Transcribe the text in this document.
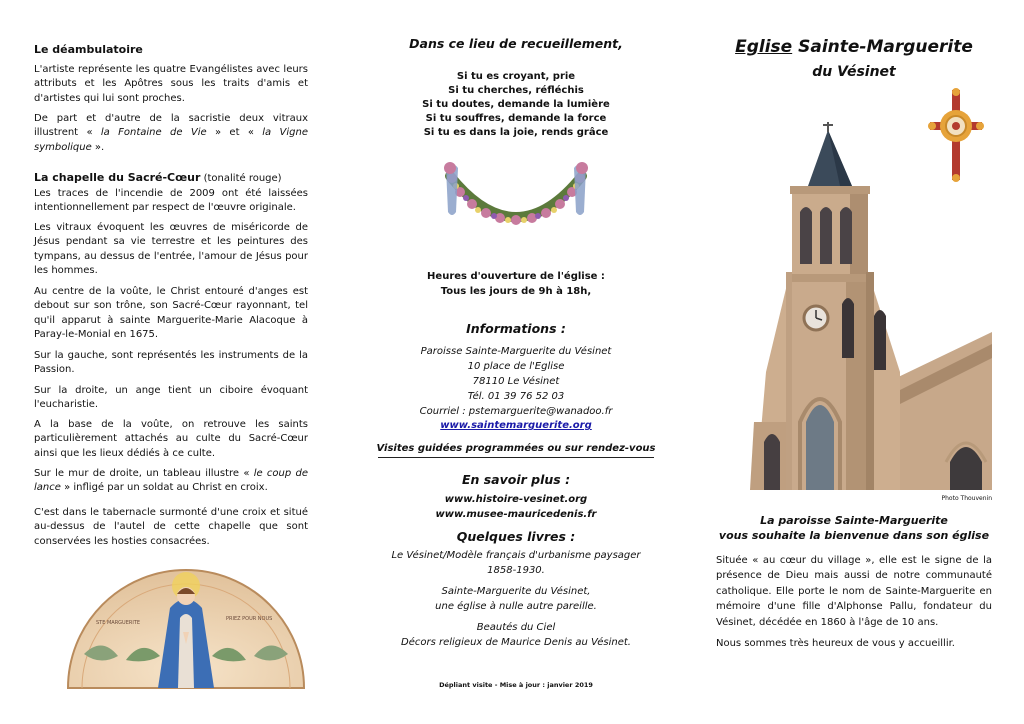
Le déambulatoire

L'artiste représente les quatre Evangélistes avec leurs attributs et les Apôtres sous les traits d'amis et d'artistes qui lui sont proches.

De part et d'autre de la sacristie deux vitraux illustrent « la Fontaine de Vie » et « la Vigne symbolique ».

La chapelle du Sacré-Cœur (tonalité rouge)

Les traces de l'incendie de 2009 ont été laissées intentionnellement par respect de l'œuvre originale.

Les vitraux évoquent les œuvres de miséricorde de Jésus pendant sa vie terrestre et les peintures des tympans, au dessus de l'entrée, l'amour de Jésus pour les hommes.

Au centre de la voûte, le Christ entouré d'anges est debout sur son trône, son Sacré-Cœur rayonnant, tel qu'il apparut à sainte Marguerite-Marie Alacoque à Paray-le-Monial en 1675.

Sur la gauche, sont représentés les instruments de la Passion.

Sur la droite, un ange tient un ciboire évoquant l'eucharistie.

A la base de la voûte, on retrouve les saints particulièrement attachés au culte du Sacré-Cœur ainsi que les lieux dédiés à ce culte.

Sur le mur de droite, un tableau illustre « le coup de lance » infligé par un soldat au Christ en croix.

C'est dans le tabernacle surmonté d'une croix et situé au-dessus de l'autel de cette chapelle que sont conservées les hosties consacrées.

STE MARGUERITE
PRIEZ POUR NOUS

Dans ce lieu de recueillement,

Si tu es croyant, prie

Si tu cherches, réfléchis

Si tu doutes, demande la lumière

Si tu souffres, demande la force

Si tu es dans la joie, rends grâce

Heures d'ouverture de l'église :

Tous les jours de 9h à 18h,

Informations :

Paroisse Sainte-Marguerite du Vésinet

10 place de l'Eglise

78110 Le Vésinet

Tél. 01 39 76 52 03

Courriel : pstemarguerite@wanadoo.fr

www.saintemarguerite.org

Visites guidées programmées ou sur rendez-vous

En savoir plus :

www.histoire-vesinet.org

www.musee-mauricedenis.fr

Quelques livres :

Le Vésinet/Modèle français d'urbanisme paysager

1858-1930.

Sainte-Marguerite du Vésinet,

une église à nulle autre pareille.

Beautés du Ciel

Décors religieux de Maurice Denis au Vésinet.

Dépliant visite - Mise à jour : janvier 2019

Eglise Sainte-Marguerite

du Vésinet

Photo Thouvenin

La paroisse Sainte-Marguerite

vous souhaite la bienvenue dans son église

Située « au cœur du village », elle est le signe de la présence de Dieu mais aussi de notre communauté catholique. Elle porte le nom de Sainte-Marguerite en mémoire d'une fille d'Alphonse Pallu, fondateur du Vésinet, décédée en 1860 à l'âge de 10 ans.

Nous sommes très heureux de vous y accueillir.
